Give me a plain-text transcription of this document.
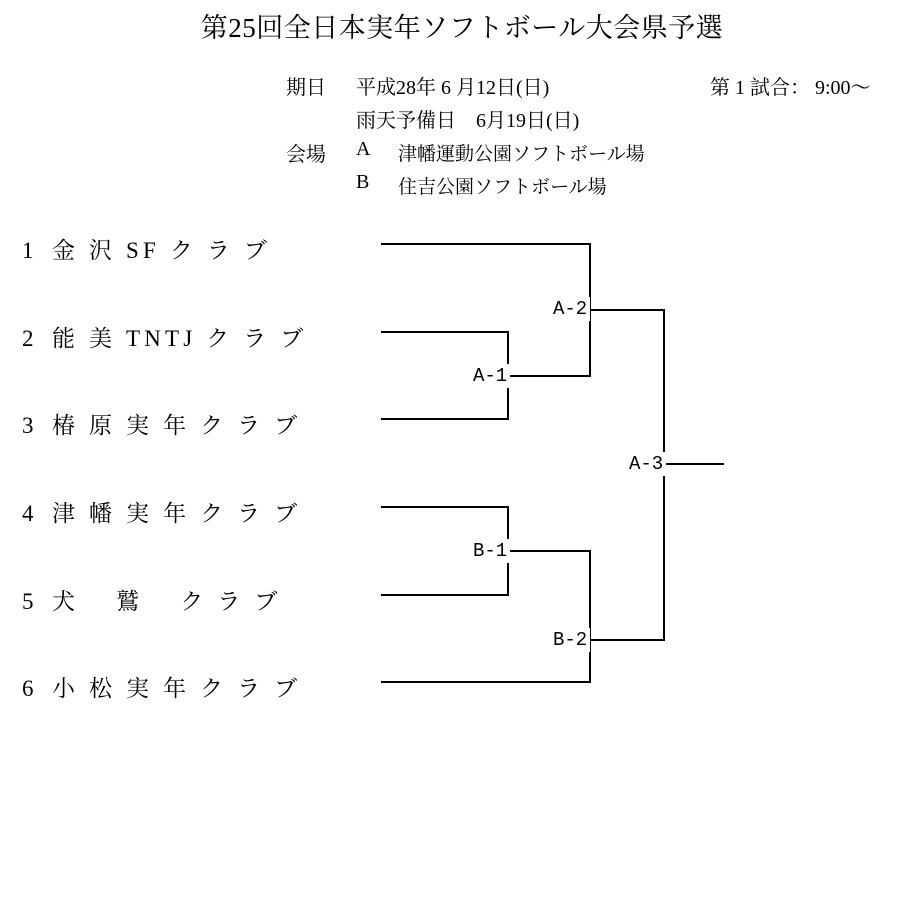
第25回全日本実年ソフトボール大会県予選
期日 平成28年 6 月12日(日)	第 1 試合： 9:00〜
雨天予備日　6月19日(日)
会場 A 津幡運動公園ソフトボール場
B 住吉公園ソフトボール場
1 金 沢 SF ク ラ ブ
2 能 美 TNTJ ク ラ ブ
3 椿 原 実 年 ク ラ ブ
4 津 幡 実 年 ク ラ ブ
5 犬　 鷲　 ク ラ ブ
6 小 松 実 年 ク ラ ブ
A-1
A-2
B-1
B-2
A-3
